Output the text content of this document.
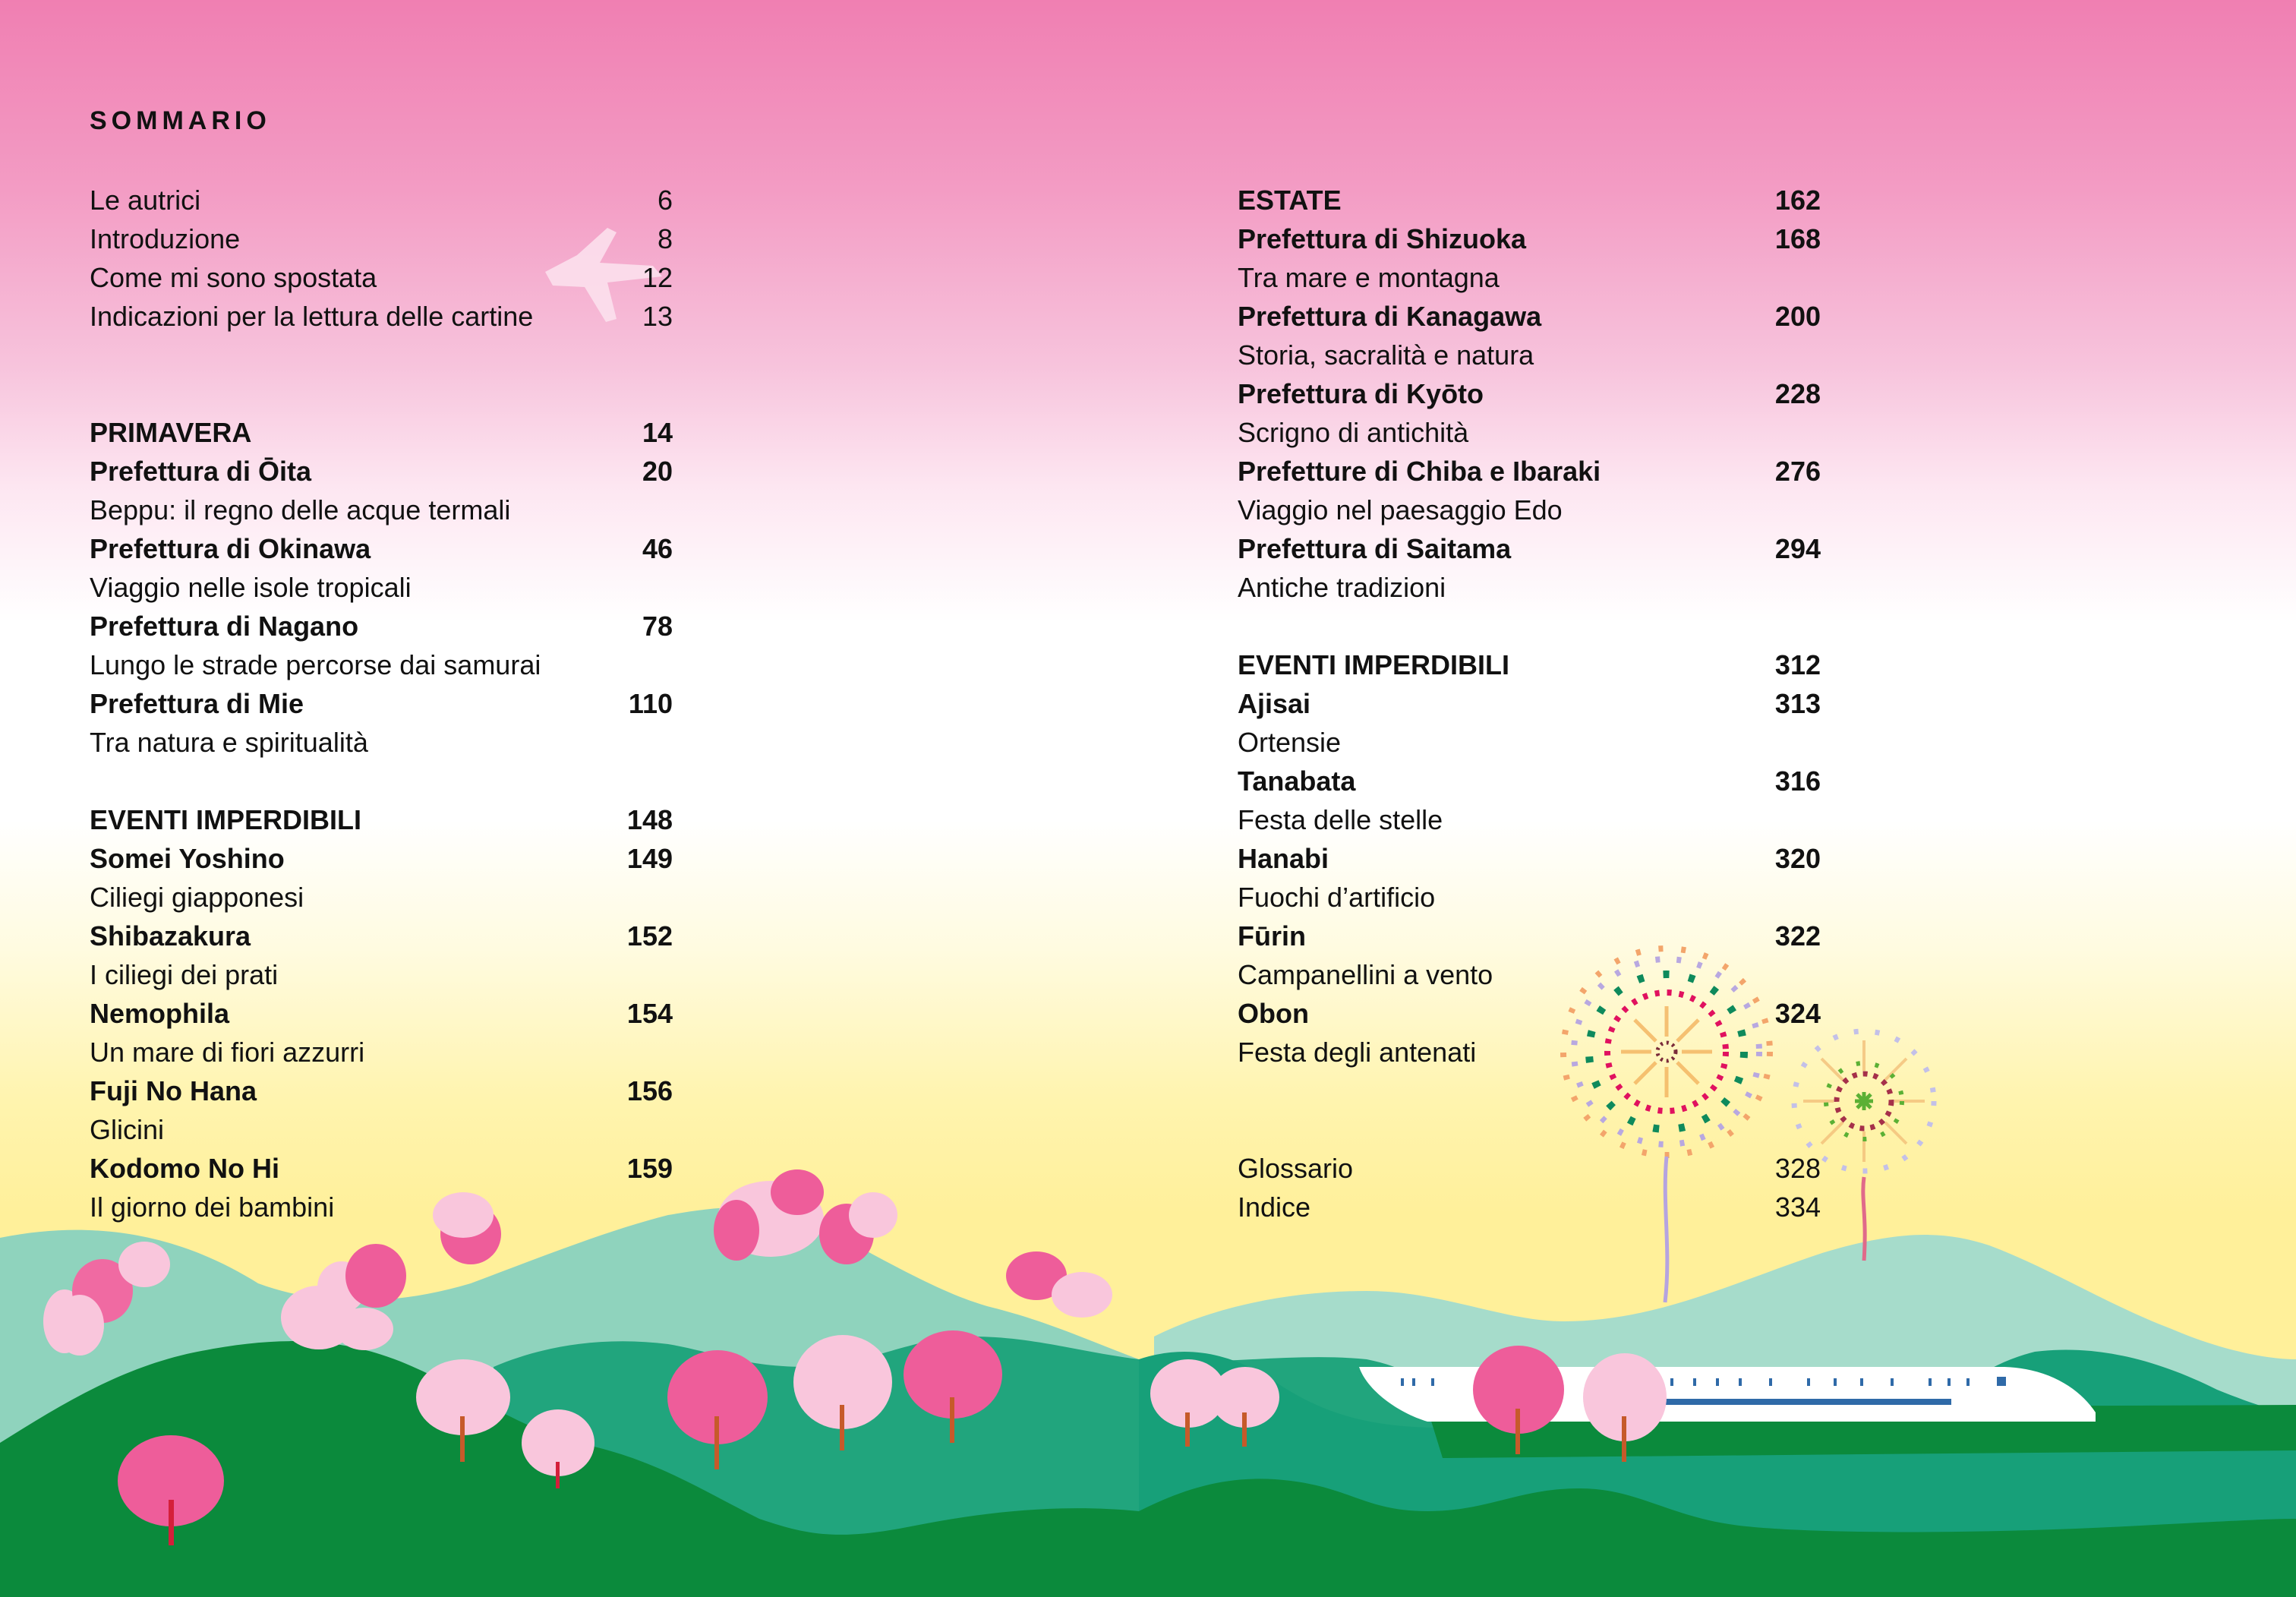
SOMMARIO
Le autrici	6
Introduzione	8
Come mi sono spostata	12
Indicazioni per la lettura delle cartine	13
PRIMAVERA	14
Prefettura di Ōita	20
Beppu: il regno delle acque termali
Prefettura di Okinawa	46
Viaggio nelle isole tropicali
Prefettura di Nagano	78
Lungo le strade percorse dai samurai
Prefettura di Mie	110
Tra natura e spiritualità
EVENTI IMPERDIBILI	148
Somei Yoshino	149
Ciliegi giapponesi
Shibazakura	152
I ciliegi dei prati
Nemophila	154
Un mare di fiori azzurri
Fuji No Hana	156
Glicini
Kodomo No Hi	159
Il giorno dei bambini
ESTATE	162
Prefettura di Shizuoka	168
Tra mare e montagna
Prefettura di Kanagawa	200
Storia, sacralità e natura
Prefettura di Kyōto	228
Scrigno di antichità
Prefetture di Chiba e Ibaraki	276
Viaggio nel paesaggio Edo
Prefettura di Saitama	294
Antiche tradizioni
EVENTI IMPERDIBILI	312
Ajisai	313
Ortensie
Tanabata	316
Festa delle stelle
Hanabi	320
Fuochi d’artificio
Fūrin	322
Campanellini a vento
Obon	324
Festa degli antenati
Glossario	328
Indice	334
